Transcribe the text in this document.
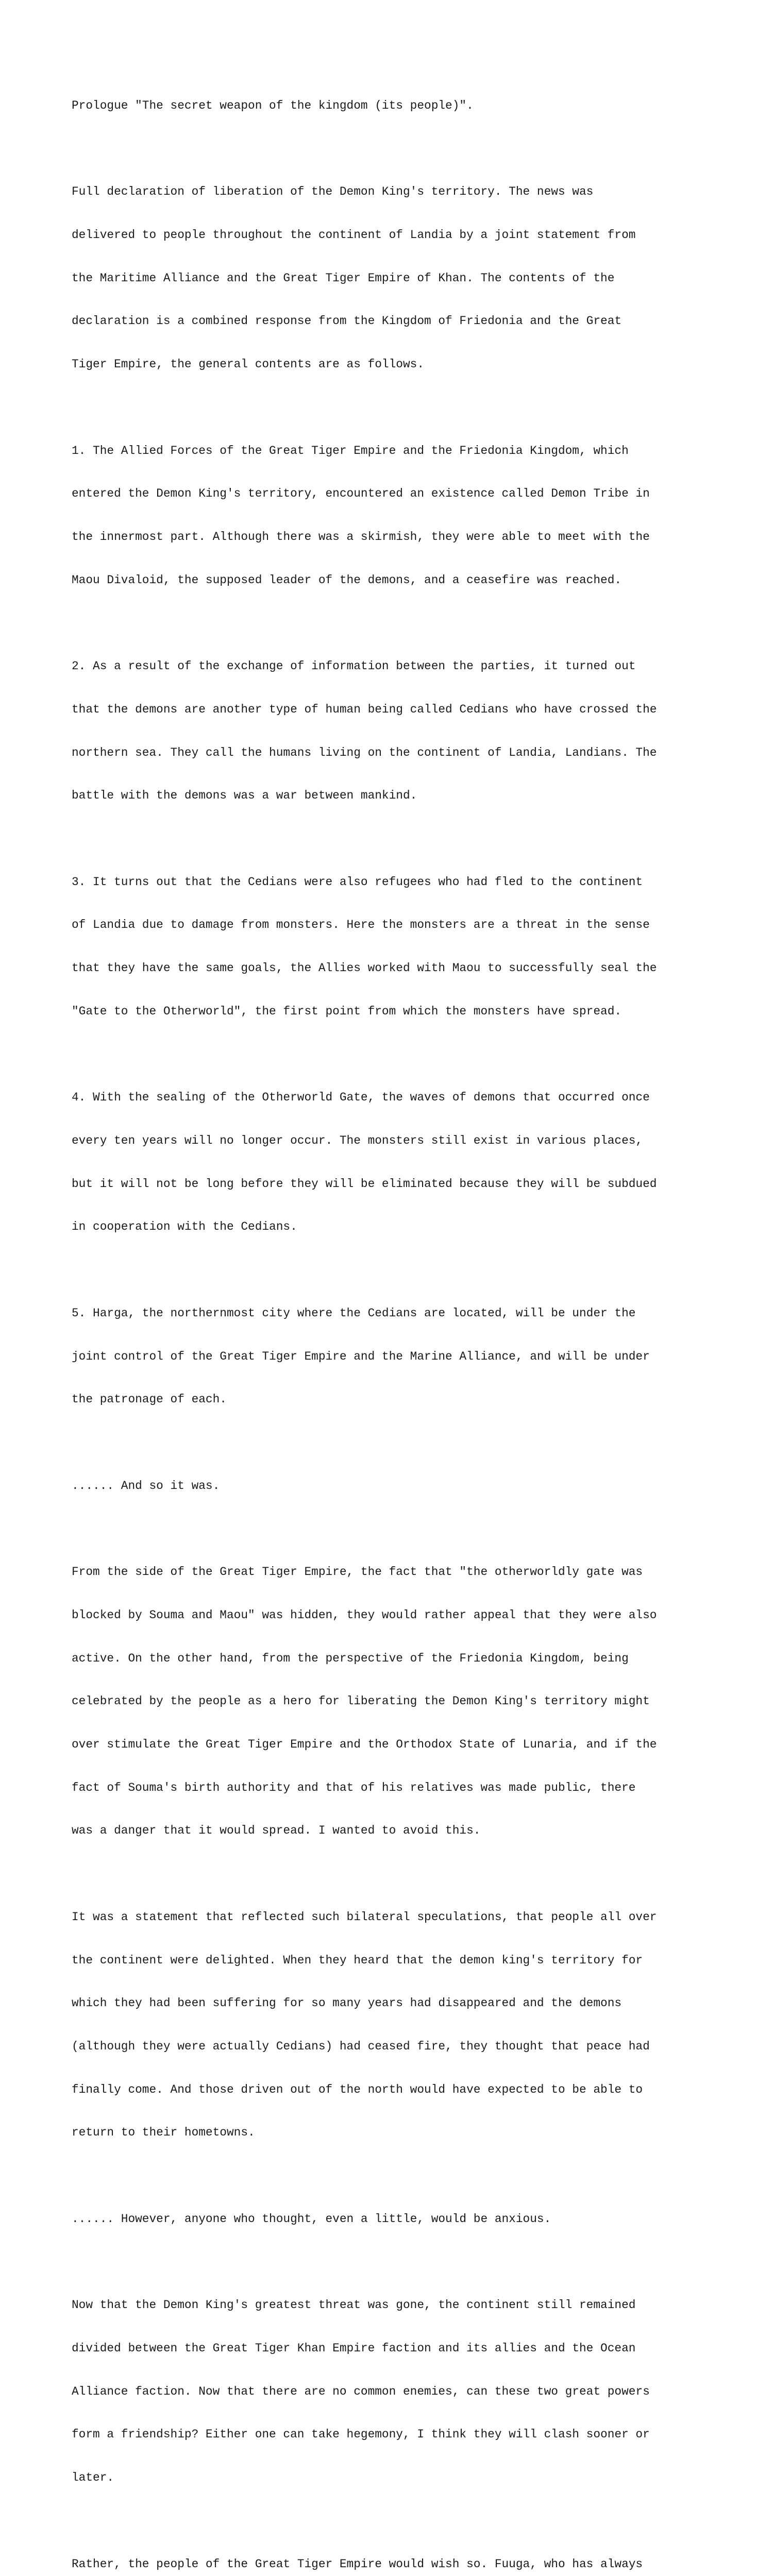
Prologue "The secret weapon of the kingdom (its people)".

Full declaration of liberation of the Demon King's territory. The news was

delivered to people throughout the continent of Landia by a joint statement from

the Maritime Alliance and the Great Tiger Empire of Khan. The contents of the

declaration is a combined response from the Kingdom of Friedonia and the Great

Tiger Empire, the general contents are as follows.

1. The Allied Forces of the Great Tiger Empire and the Friedonia Kingdom, which

entered the Demon King's territory, encountered an existence called Demon Tribe in

the innermost part. Although there was a skirmish, they were able to meet with the

Maou Divaloid, the supposed leader of the demons, and a ceasefire was reached.

2. As a result of the exchange of information between the parties, it turned out

that the demons are another type of human being called Cedians who have crossed the

northern sea. They call the humans living on the continent of Landia, Landians. The

battle with the demons was a war between mankind.

3. It turns out that the Cedians were also refugees who had fled to the continent

of Landia due to damage from monsters. Here the monsters are a threat in the sense

that they have the same goals, the Allies worked with Maou to successfully seal the

"Gate to the Otherworld", the first point from which the monsters have spread.

4. With the sealing of the Otherworld Gate, the waves of demons that occurred once

every ten years will no longer occur. The monsters still exist in various places,

but it will not be long before they will be eliminated because they will be subdued

in cooperation with the Cedians.

5. Harga, the northernmost city where the Cedians are located, will be under the

joint control of the Great Tiger Empire and the Marine Alliance, and will be under

the patronage of each.

...... And so it was.

From the side of the Great Tiger Empire, the fact that "the otherworldly gate was

blocked by Souma and Maou" was hidden, they would rather appeal that they were also

active. On the other hand, from the perspective of the Friedonia Kingdom, being

celebrated by the people as a hero for liberating the Demon King's territory might

over stimulate the Great Tiger Empire and the Orthodox State of Lunaria, and if the

fact of Souma's birth authority and that of his relatives was made public, there

was a danger that it would spread. I wanted to avoid this.

It was a statement that reflected such bilateral speculations, that people all over

the continent were delighted. When they heard that the demon king's territory for

which they had been suffering for so many years had disappeared and the demons

(although they were actually Cedians) had ceased fire, they thought that peace had

finally come. And those driven out of the north would have expected to be able to

return to their hometowns.

...... However, anyone who thought, even a little, would be anxious.

Now that the Demon King's greatest threat was gone, the continent still remained

divided between the Great Tiger Khan Empire faction and its allies and the Ocean

Alliance faction. Now that there are no common enemies, can these two great powers

form a friendship? Either one can take hegemony, I think they will clash sooner or

later.

Rather, the people of the Great Tiger Empire would wish so. Fuuga, who has always
